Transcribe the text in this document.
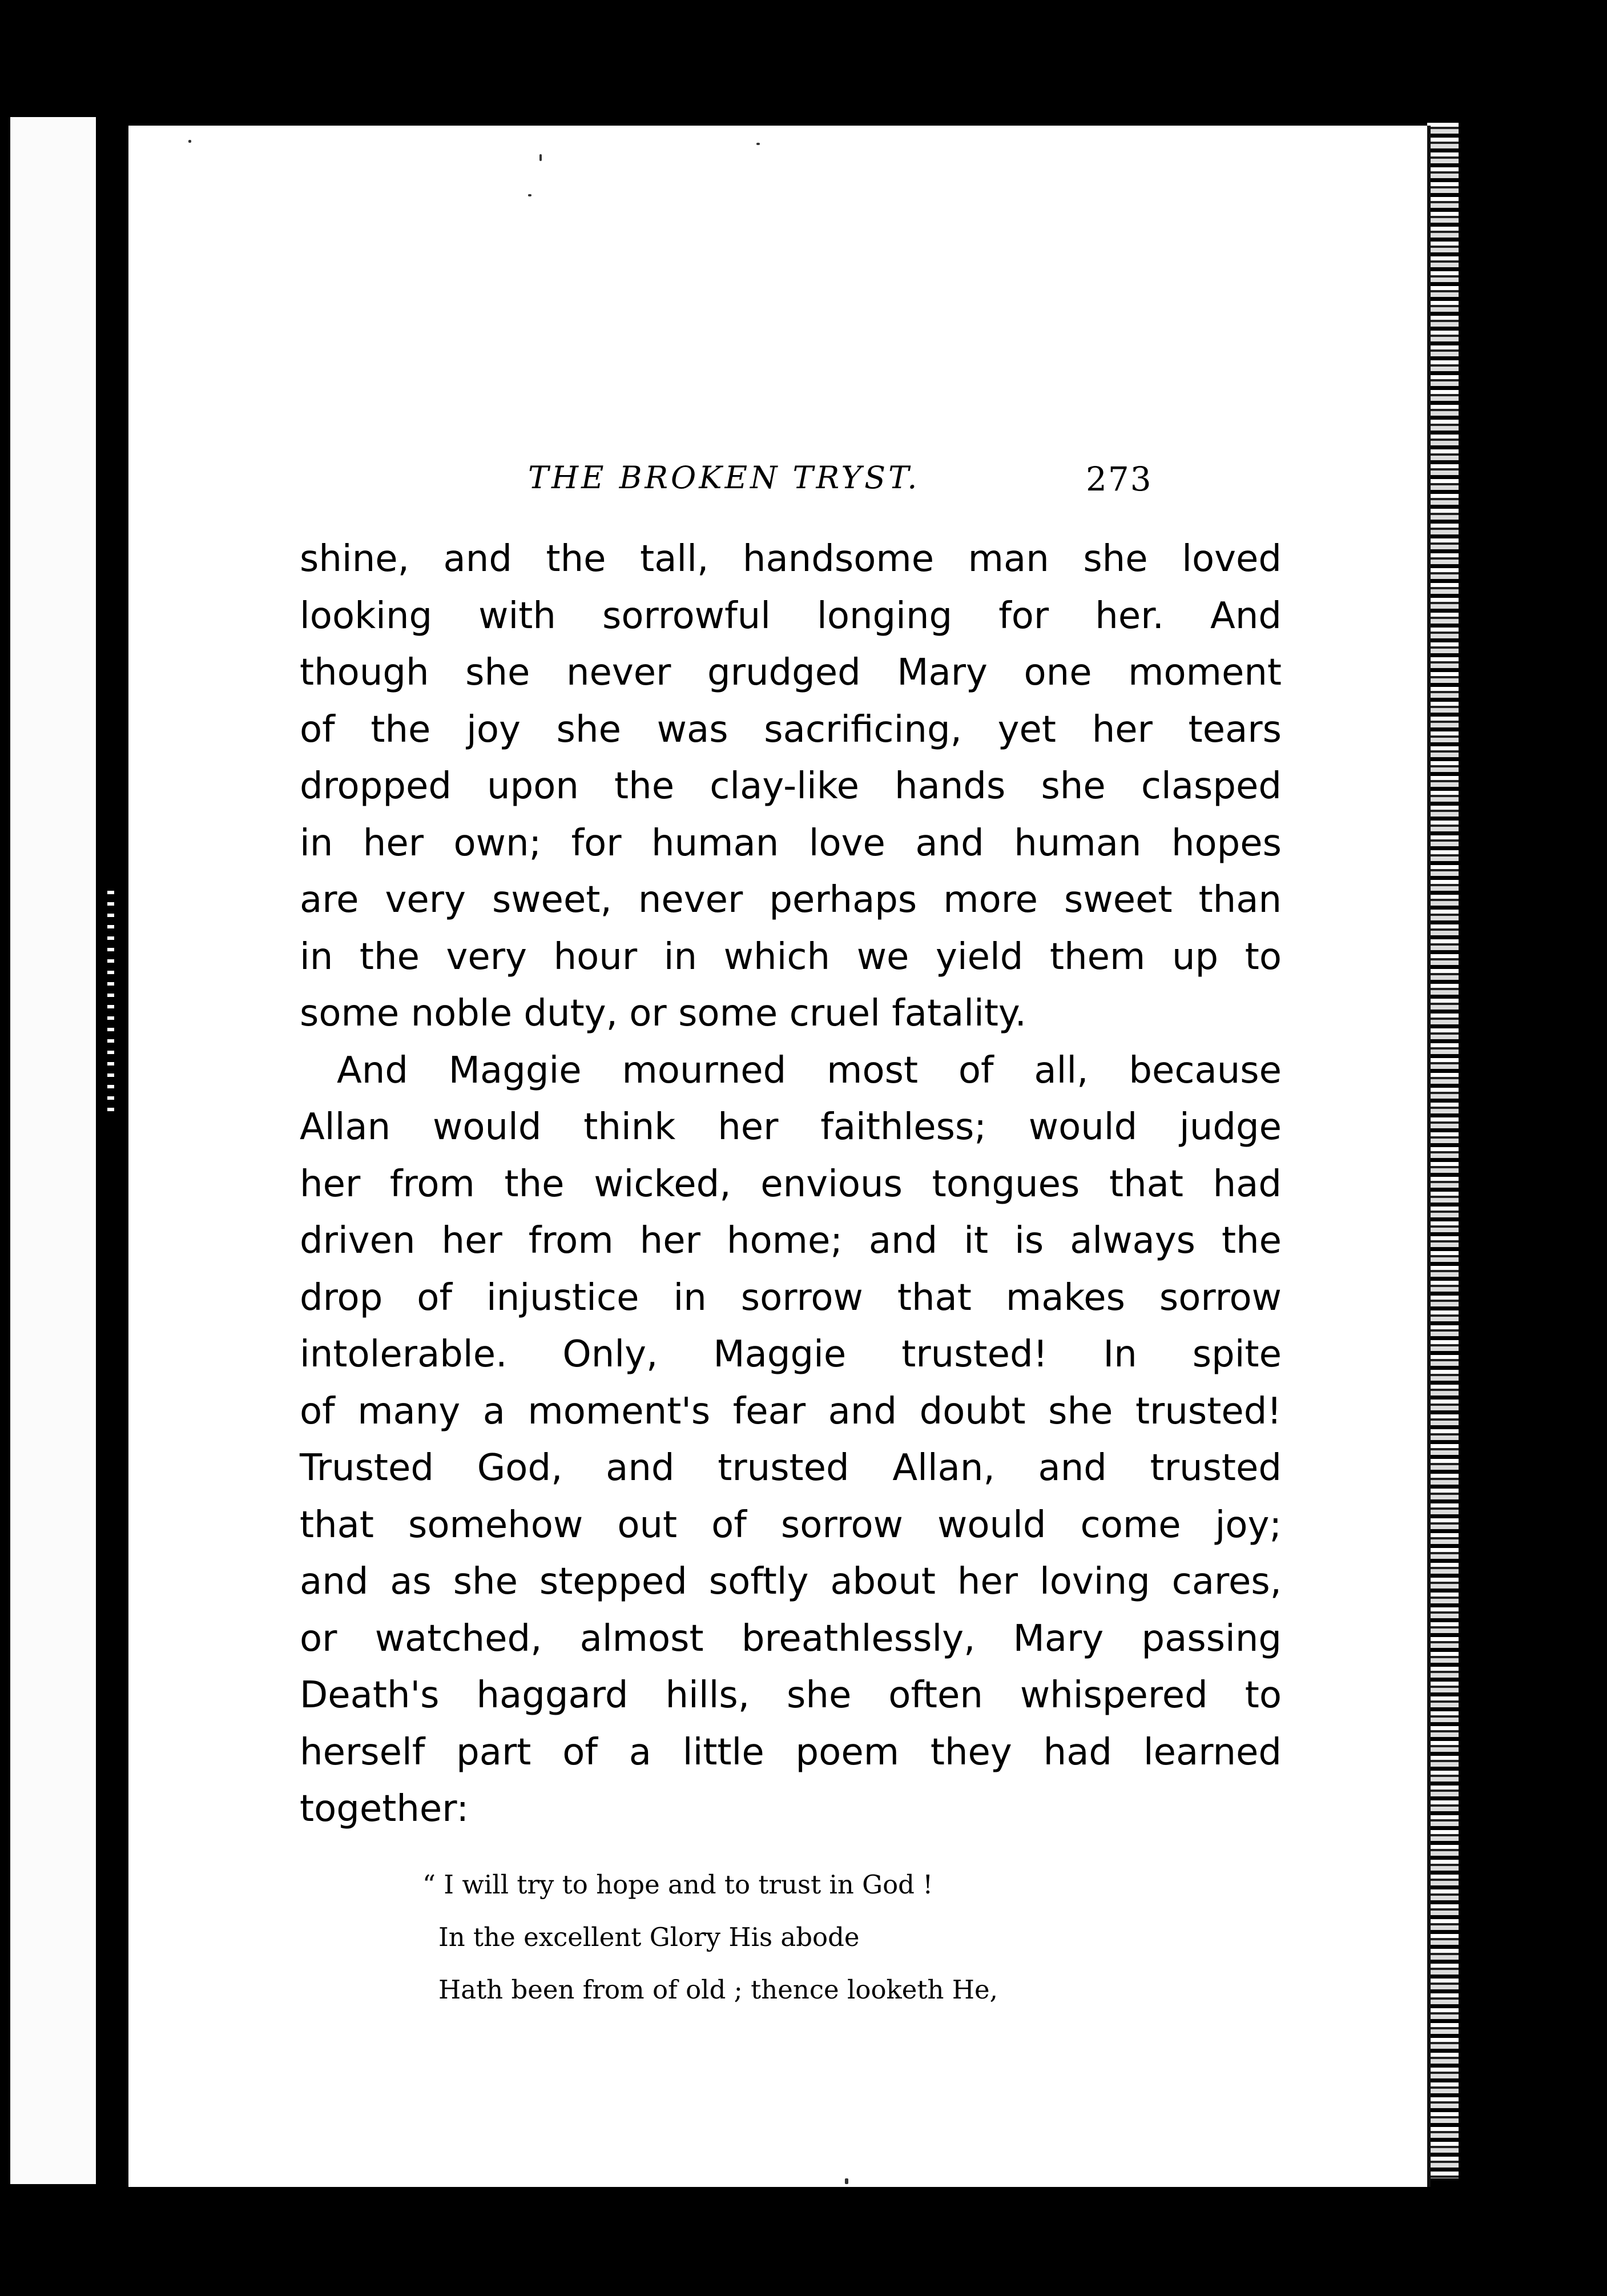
THE BROKEN TRYST.	273
shine, and the tall, handsome man she loved
looking with sorrowful longing for her. And
though she never grudged Mary one moment
of the joy she was sacrificing, yet her tears
dropped upon the clay-like hands she clasped
in her own; for human love and human hopes
are very sweet, never perhaps more sweet than
in the very hour in which we yield them up to
some noble duty, or some cruel fatality.
And Maggie mourned most of all, because
Allan would think her faithless; would judge
her from the wicked, envious tongues that had
driven her from her home; and it is always the
drop of injustice in sorrow that makes sorrow
intolerable. Only, Maggie trusted! In spite
of many a moment's fear and doubt she trusted!
Trusted God, and trusted Allan, and trusted
that somehow out of sorrow would come joy;
and as she stepped softly about her loving cares,
or watched, almost breathlessly, Mary passing
Death's haggard hills, she often whispered to
herself part of a little poem they had learned
together:
“ I will try to hope and to trust in God !
In the excellent Glory His abode
Hath been from of old ; thence looketh He,
